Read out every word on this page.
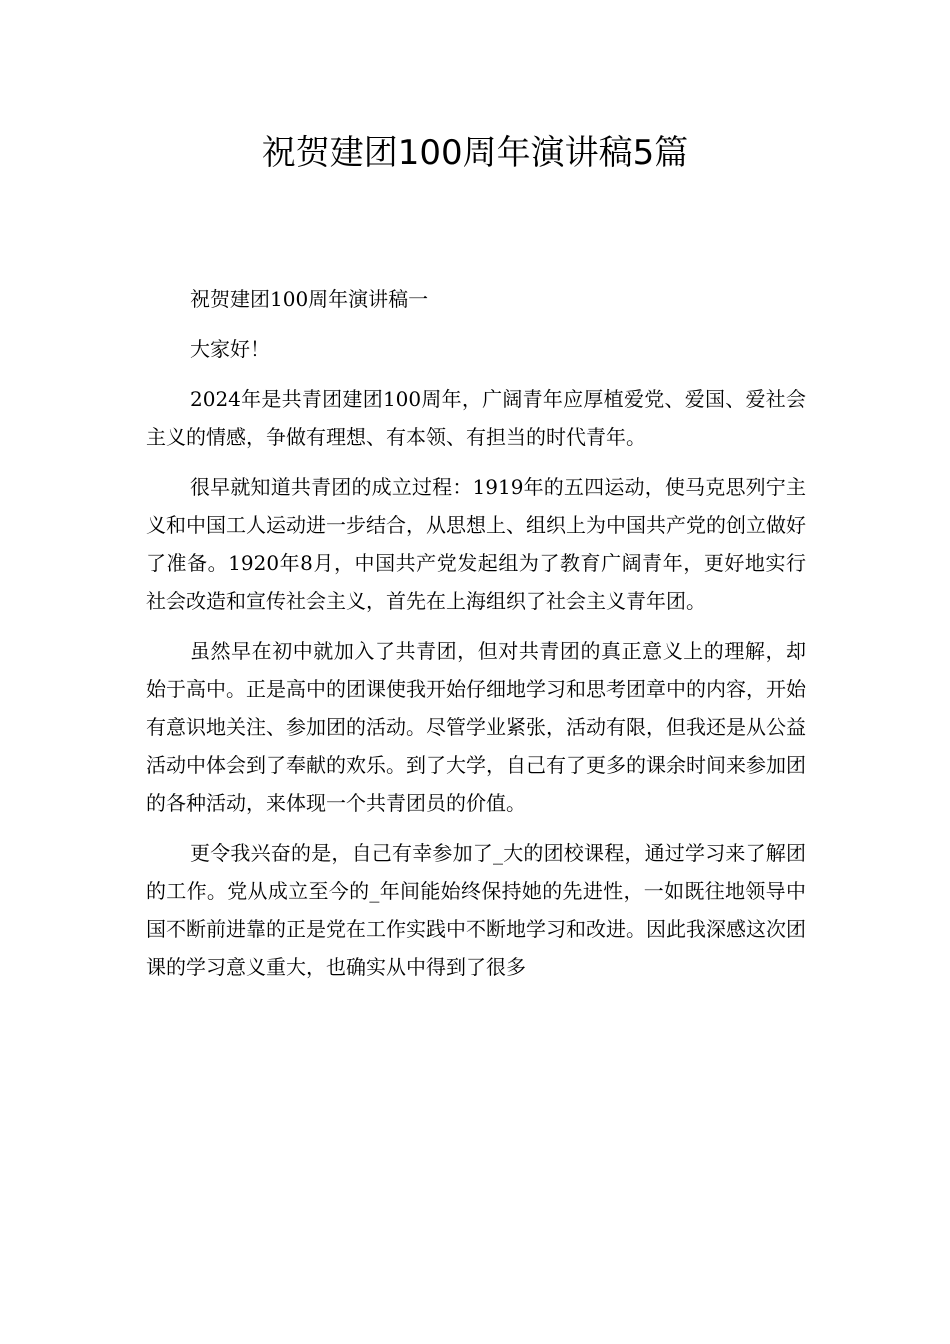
祝贺建团100周年演讲稿5篇

祝贺建团100周年演讲稿一

大家好！

2024年是共青团建团100周年，广阔青年应厚植爱党、爱国、爱社会主义的情感，争做有理想、有本领、有担当的时代青年。

很早就知道共青团的成立过程：1919年的五四运动，使马克思列宁主义和中国工人运动进一步结合，从思想上、组织上为中国共产党的创立做好了准备。1920年8月，中国共产党发起组为了教育广阔青年，更好地实行社会改造和宣传社会主义，首先在上海组织了社会主义青年团。

虽然早在初中就加入了共青团，但对共青团的真正意义上的理解，却始于高中。正是高中的团课使我开始仔细地学习和思考团章中的内容，开始有意识地关注、参加团的活动。尽管学业紧张，活动有限，但我还是从公益活动中体会到了奉献的欢乐。到了大学，自己有了更多的课余时间来参加团的各种活动，来体现一个共青团员的价值。

更令我兴奋的是，自己有幸参加了_大的团校课程，通过学习来了解团的工作。党从成立至今的_年间能始终保持她的先进性，一如既往地领导中国不断前进靠的正是党在工作实践中不断地学习和改进。因此我深感这次团课的学习意义重大，也确实从中得到了很多
